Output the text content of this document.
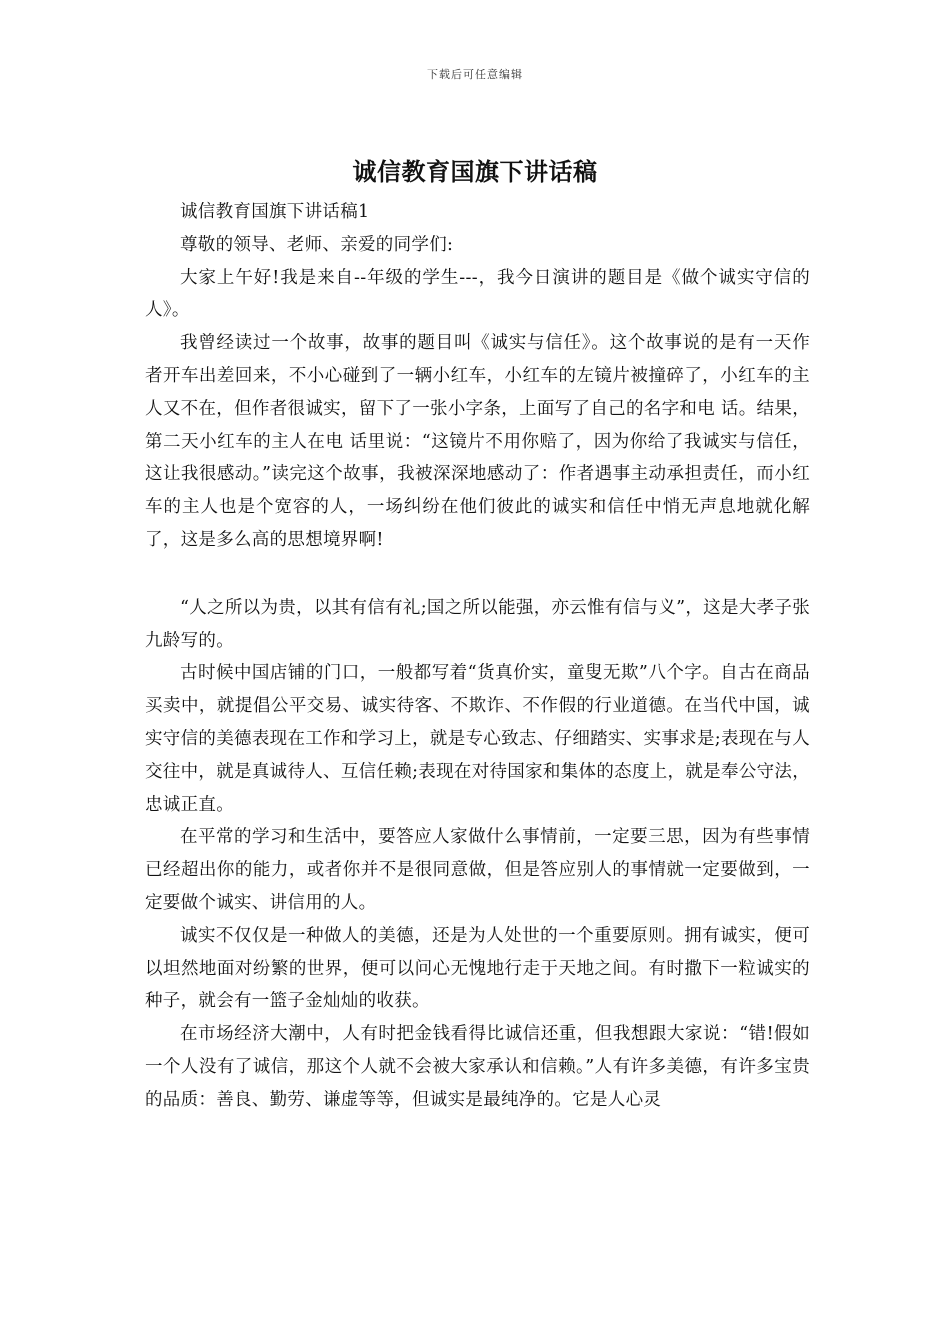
下载后可任意编辑
诚信教育国旗下讲话稿

诚信教育国旗下讲话稿1

尊敬的领导、老师、亲爱的同学们:

大家上午好!我是来自--年级的学生---，我今日演讲的题目是《做个诚实守信的人》。

我曾经读过一个故事，故事的题目叫《诚实与信任》。这个故事说的是有一天作者开车出差回来，不小心碰到了一辆小红车，小红车的左镜片被撞碎了，小红车的主人又不在，但作者很诚实，留下了一张小字条，上面写了自己的名字和电 话。结果，第二天小红车的主人在电 话里说：“这镜片不用你赔了，因为你给了我诚实与信任，这让我很感动。”读完这个故事，我被深深地感动了：作者遇事主动承担责任，而小红车的主人也是个宽容的人，一场纠纷在他们彼此的诚实和信任中悄无声息地就化解了，这是多么高的思想境界啊!

“人之所以为贵，以其有信有礼;国之所以能强，亦云惟有信与义”，这是大孝子张九龄写的。

古时候中国店铺的门口，一般都写着“货真价实，童叟无欺”八个字。自古在商品买卖中，就提倡公平交易、诚实待客、不欺诈、不作假的行业道德。在当代中国，诚实守信的美德表现在工作和学习上，就是专心致志、仔细踏实、实事求是;表现在与人交往中，就是真诚待人、互信任赖;表现在对待国家和集体的态度上，就是奉公守法，忠诚正直。

在平常的学习和生活中，要答应人家做什么事情前，一定要三思，因为有些事情已经超出你的能力，或者你并不是很同意做，但是答应别人的事情就一定要做到，一定要做个诚实、讲信用的人。

诚实不仅仅是一种做人的美德，还是为人处世的一个重要原则。拥有诚实，便可以坦然地面对纷繁的世界，便可以问心无愧地行走于天地之间。有时撒下一粒诚实的种子，就会有一篮子金灿灿的收获。

在市场经济大潮中，人有时把金钱看得比诚信还重，但我想跟大家说：“错!假如一个人没有了诚信，那这个人就不会被大家承认和信赖。”人有许多美德，有许多宝贵的品质：善良、勤劳、谦虚等等，但诚实是最纯净的。它是人心灵
